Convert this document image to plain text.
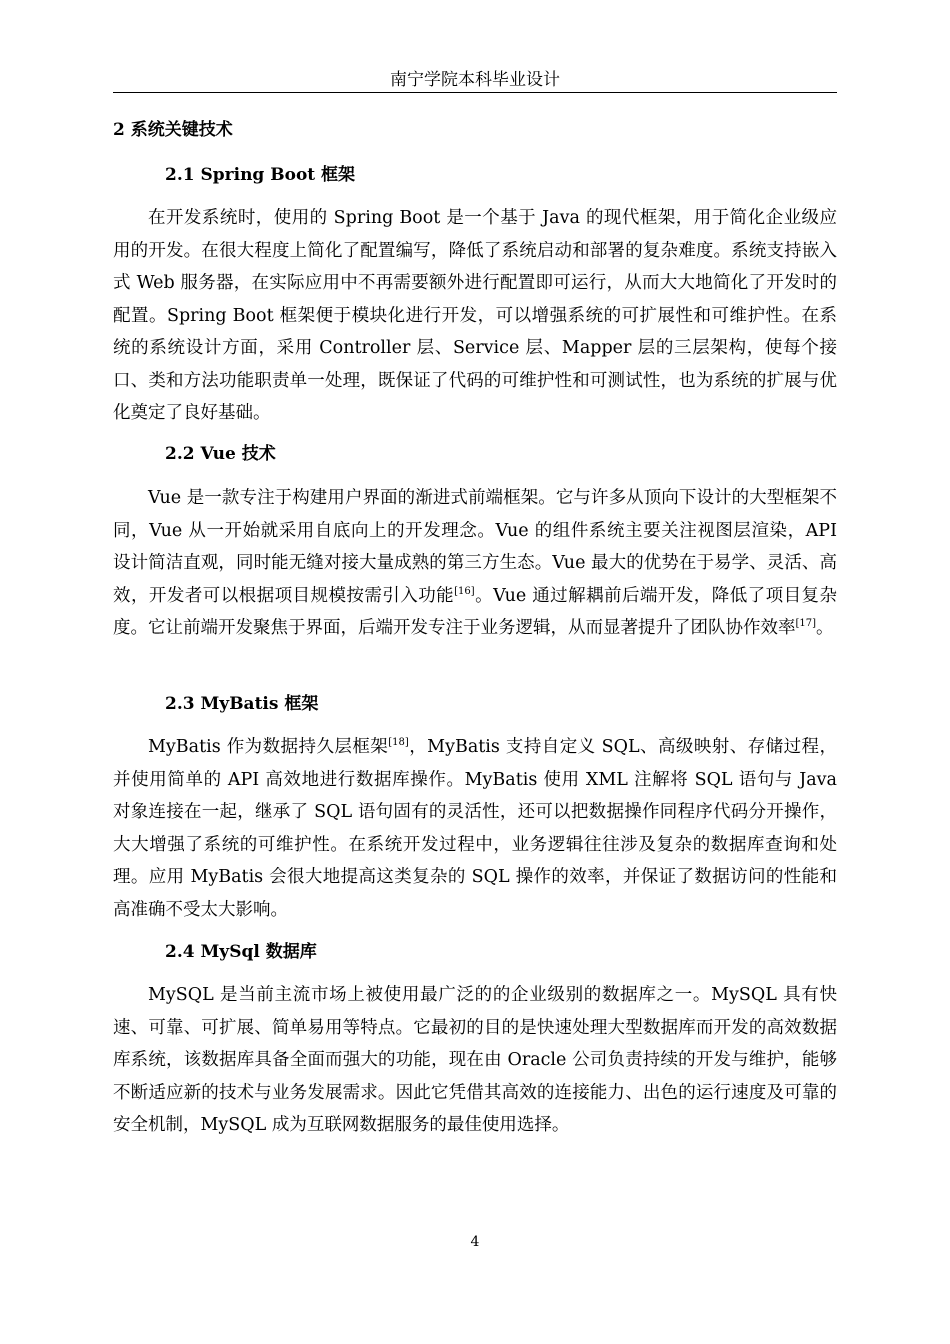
南宁学院本科毕业设计
2 系统关键技术
2.1 Spring Boot 框架

在开发系统时，使用的 Spring Boot 是一个基于 Java 的现代框架，用于简化企业级应用的开发。在很大程度上简化了配置编写，降低了系统启动和部署的复杂难度。系统支持嵌入式 Web 服务器，在实际应用中不再需要额外进行配置即可运行，从而大大地简化了开发时的配置。Spring Boot 框架便于模块化进行开发，可以增强系统的可扩展性和可维护性。在系统的系统设计方面，采用 Controller 层、Service 层、Mapper 层的三层架构，使每个接口、类和方法功能职责单一处理，既保证了代码的可维护性和可测试性，也为系统的扩展与优化奠定了良好基础。

2.2 Vue 技术

Vue 是一款专注于构建用户界面的渐进式前端框架。它与许多从顶向下设计的大型框架不同，Vue 从一开始就采用自底向上的开发理念。Vue 的组件系统主要关注视图层渲染，API 设计简洁直观，同时能无缝对接大量成熟的第三方生态。Vue 最大的优势在于易学、灵活、高效，开发者可以根据项目规模按需引入功能[16]。Vue 通过解耦前后端开发，降低了项目复杂度。它让前端开发聚焦于界面，后端开发专注于业务逻辑，从而显著提升了团队协作效率[17]。

2.3 MyBatis 框架

MyBatis 作为数据持久层框架[18]，MyBatis 支持自定义 SQL、高级映射、存储过程，并使用简单的 API 高效地进行数据库操作。MyBatis 使用 XML 注解将 SQL 语句与 Java 对象连接在一起，继承了 SQL 语句固有的灵活性，还可以把数据操作同程序代码分开操作，大大增强了系统的可维护性。在系统开发过程中，业务逻辑往往涉及复杂的数据库查询和处理。应用 MyBatis 会很大地提高这类复杂的 SQL 操作的效率，并保证了数据访问的性能和高准确不受太大影响。

2.4 MySql 数据库

MySQL 是当前主流市场上被使用最广泛的的企业级别的数据库之一。MySQL 具有快速、可靠、可扩展、简单易用等特点。它最初的目的是快速处理大型数据库而开发的高效数据库系统，该数据库具备全面而强大的功能，现在由 Oracle 公司负责持续的开发与维护，能够不断适应新的技术与业务发展需求。因此它凭借其高效的连接能力、出色的运行速度及可靠的安全机制，MySQL 成为互联网数据服务的最佳使用选择。

4
